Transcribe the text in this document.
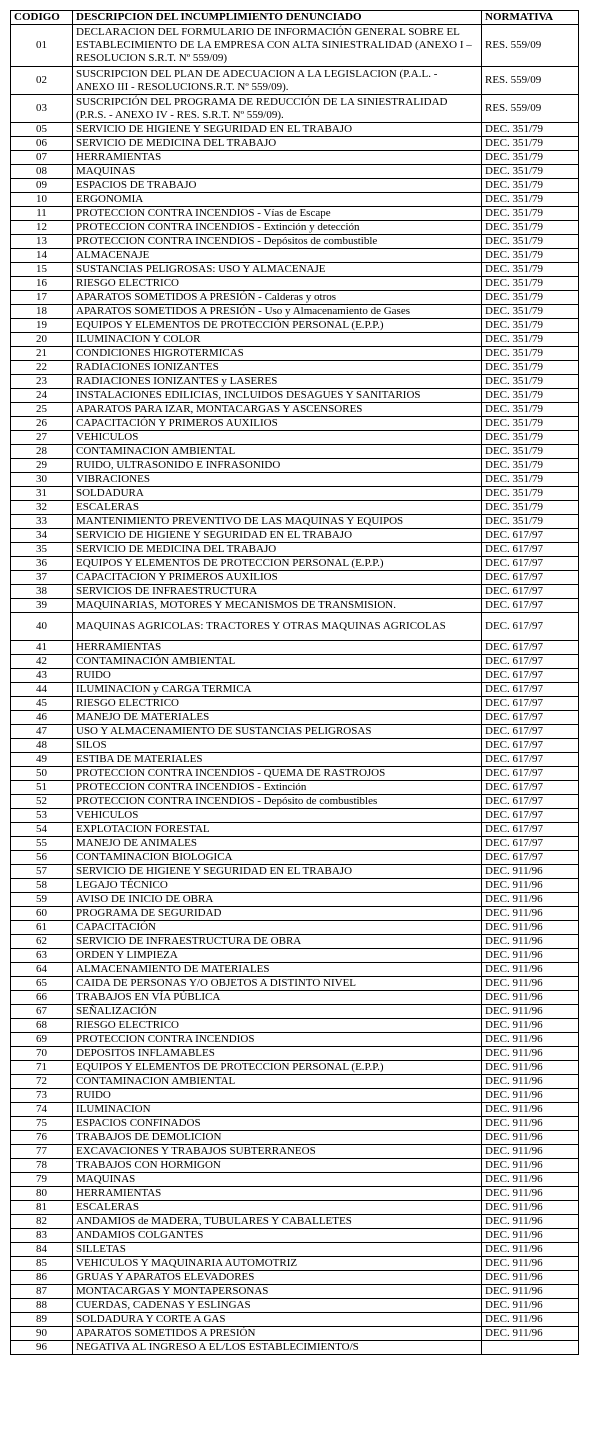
CODIGO	DESCRIPCION DEL INCUMPLIMIENTO DENUNCIADO	NORMATIVA
01	DECLARACION DEL FORMULARIO DE INFORMACIÓN GENERAL SOBRE EL ESTABLECIMIENTO DE LA EMPRESA CON ALTA SINIESTRALIDAD (ANEXO I – RESOLUCION S.R.T. Nº 559/09)	RES. 559/09
02	SUSCRIPCION DEL PLAN DE ADECUACION A LA LEGISLACION (P.A.L. - ANEXO III - RESOLUCIONS.R.T. Nº 559/09).	RES. 559/09
03	SUSCRIPCIÓN DEL PROGRAMA DE REDUCCIÓN DE LA SINIESTRALIDAD (P.R.S. - ANEXO IV - RES. S.R.T. Nº 559/09).	RES. 559/09
05	SERVICIO DE HIGIENE Y SEGURIDAD EN EL TRABAJO	DEC. 351/79
06	SERVICIO DE MEDICINA DEL TRABAJO	DEC. 351/79
07	HERRAMIENTAS	DEC. 351/79
08	MAQUINAS	DEC. 351/79
09	ESPACIOS DE TRABAJO	DEC. 351/79
10	ERGONOMIA	DEC. 351/79
11	PROTECCION CONTRA INCENDIOS - Vías de Escape	DEC. 351/79
12	PROTECCION CONTRA INCENDIOS - Extinción y detección	DEC. 351/79
13	PROTECCION CONTRA INCENDIOS - Depósitos de combustible	DEC. 351/79
14	ALMACENAJE	DEC. 351/79
15	SUSTANCIAS PELIGROSAS: USO Y ALMACENAJE	DEC. 351/79
16	RIESGO ELECTRICO	DEC. 351/79
17	APARATOS SOMETIDOS A PRESIÓN - Calderas y otros	DEC. 351/79
18	APARATOS SOMETIDOS A PRESIÓN - Uso y Almacenamiento de Gases	DEC. 351/79
19	EQUIPOS Y ELEMENTOS DE PROTECCIÓN PERSONAL (E.P.P.)	DEC. 351/79
20	ILUMINACION Y COLOR	DEC. 351/79
21	CONDICIONES HIGROTERMICAS	DEC. 351/79
22	RADIACIONES IONIZANTES	DEC. 351/79
23	RADIACIONES IONIZANTES y LASERES	DEC. 351/79
24	INSTALACIONES EDILICIAS, INCLUIDOS DESAGUES Y SANITARIOS	DEC. 351/79
25	APARATOS PARA IZAR, MONTACARGAS Y ASCENSORES	DEC. 351/79
26	CAPACITACIÓN Y PRIMEROS AUXILIOS	DEC. 351/79
27	VEHICULOS	DEC. 351/79
28	CONTAMINACION AMBIENTAL	DEC. 351/79
29	RUIDO, ULTRASONIDO E INFRASONIDO	DEC. 351/79
30	VIBRACIONES	DEC. 351/79
31	SOLDADURA	DEC. 351/79
32	ESCALERAS	DEC. 351/79
33	MANTENIMIENTO PREVENTIVO DE LAS MAQUINAS Y EQUIPOS	DEC. 351/79
34	SERVICIO DE HIGIENE Y SEGURIDAD EN EL TRABAJO	DEC. 617/97
35	SERVICIO DE MEDICINA DEL TRABAJO	DEC. 617/97
36	EQUIPOS Y ELEMENTOS DE PROTECCION PERSONAL (E.P.P.)	DEC. 617/97
37	CAPACITACION Y PRIMEROS AUXILIOS	DEC. 617/97
38	SERVICIOS DE INFRAESTRUCTURA	DEC. 617/97
39	MAQUINARIAS, MOTORES Y MECANISMOS DE TRANSMISION.	DEC. 617/97
40	MAQUINAS AGRICOLAS: TRACTORES Y OTRAS MAQUINAS AGRICOLAS	DEC. 617/97
41	HERRAMIENTAS	DEC. 617/97
42	CONTAMINACIÓN AMBIENTAL	DEC. 617/97
43	RUIDO	DEC. 617/97
44	ILUMINACION y CARGA TERMICA	DEC. 617/97
45	RIESGO ELECTRICO	DEC. 617/97
46	MANEJO DE MATERIALES	DEC. 617/97
47	USO Y ALMACENAMIENTO DE SUSTANCIAS PELIGROSAS	DEC. 617/97
48	SILOS	DEC. 617/97
49	ESTIBA DE MATERIALES	DEC. 617/97
50	PROTECCION CONTRA INCENDIOS - QUEMA DE RASTROJOS	DEC. 617/97
51	PROTECCION CONTRA INCENDIOS - Extinción	DEC. 617/97
52	PROTECCION CONTRA INCENDIOS - Depósito de combustibles	DEC. 617/97
53	VEHICULOS	DEC. 617/97
54	EXPLOTACION FORESTAL	DEC. 617/97
55	MANEJO DE ANIMALES	DEC. 617/97
56	CONTAMINACION BIOLOGICA	DEC. 617/97
57	SERVICIO DE HIGIENE Y SEGURIDAD EN EL TRABAJO	DEC. 911/96
58	LEGAJO TÉCNICO	DEC. 911/96
59	AVISO DE INICIO DE OBRA	DEC. 911/96
60	PROGRAMA DE SEGURIDAD	DEC. 911/96
61	CAPACITACIÓN	DEC. 911/96
62	SERVICIO DE INFRAESTRUCTURA DE OBRA	DEC. 911/96
63	ORDEN Y LIMPIEZA	DEC. 911/96
64	ALMACENAMIENTO DE MATERIALES	DEC. 911/96
65	CAIDA DE PERSONAS Y/O OBJETOS A DISTINTO NIVEL	DEC. 911/96
66	TRABAJOS EN VÍA PÚBLICA	DEC. 911/96
67	SEÑALIZACIÓN	DEC. 911/96
68	RIESGO ELECTRICO	DEC. 911/96
69	PROTECCION CONTRA INCENDIOS	DEC. 911/96
70	DEPOSITOS INFLAMABLES	DEC. 911/96
71	EQUIPOS Y ELEMENTOS DE PROTECCION PERSONAL (E.P.P.)	DEC. 911/96
72	CONTAMINACION AMBIENTAL	DEC. 911/96
73	RUIDO	DEC. 911/96
74	ILUMINACION	DEC. 911/96
75	ESPACIOS CONFINADOS	DEC. 911/96
76	TRABAJOS DE DEMOLICION	DEC. 911/96
77	EXCAVACIONES Y TRABAJOS SUBTERRANEOS	DEC. 911/96
78	TRABAJOS CON HORMIGON	DEC. 911/96
79	MAQUINAS	DEC. 911/96
80	HERRAMIENTAS	DEC. 911/96
81	ESCALERAS	DEC. 911/96
82	ANDAMIOS de MADERA, TUBULARES Y CABALLETES	DEC. 911/96
83	ANDAMIOS COLGANTES	DEC. 911/96
84	SILLETAS	DEC. 911/96
85	VEHICULOS Y MAQUINARIA AUTOMOTRIZ	DEC. 911/96
86	GRUAS Y APARATOS ELEVADORES	DEC. 911/96
87	MONTACARGAS Y MONTAPERSONAS	DEC. 911/96
88	CUERDAS, CADENAS Y ESLINGAS	DEC. 911/96
89	SOLDADURA Y CORTE A GAS	DEC. 911/96
90	APARATOS SOMETIDOS A PRESIÓN	DEC. 911/96
96	NEGATIVA AL INGRESO A EL/LOS ESTABLECIMIENTO/S	
